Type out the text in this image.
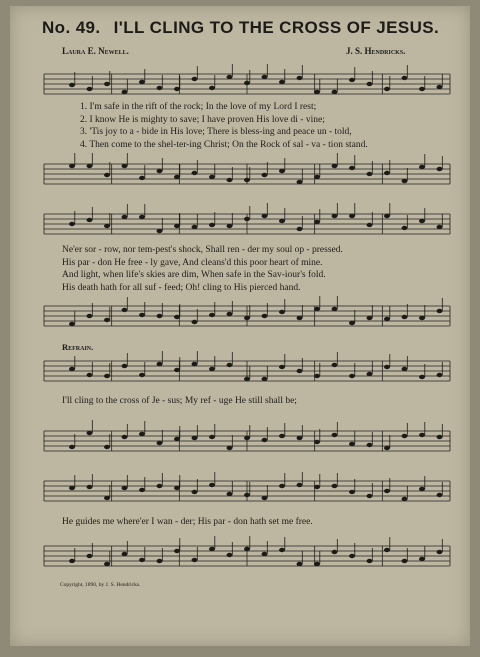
No. 49. I'LL CLING TO THE CROSS OF JESUS.
Laura E. Newell.	J. S. Hendricks.
1. I'm safe in the rift of the rock; In the love of my Lord I rest;
2. I know He is mighty to save; I have proven His love di - vine;
3. 'Tis joy to a - bide in His love; There is bless-ing and peace un - told,
4. Then come to the shel-ter-ing Christ; On the Rock of sal - va - tion stand.
Ne'er sor - row, nor tem-pest's shock, Shall ren - der my soul op - pressed.
His par - don He free - ly gave, And cleans'd this poor heart of mine.
And light, when life's skies are dim, When safe in the Sav-iour's fold.
His death hath for all suf - feed; Oh! cling to His pierced hand.
Refrain.
I'll cling to the cross of Je - sus; My ref - uge He still shall be;
He guides me where'er I wan - der; His par - don hath set me free.
Copyright, 1890, by J. S. Hendricks.
